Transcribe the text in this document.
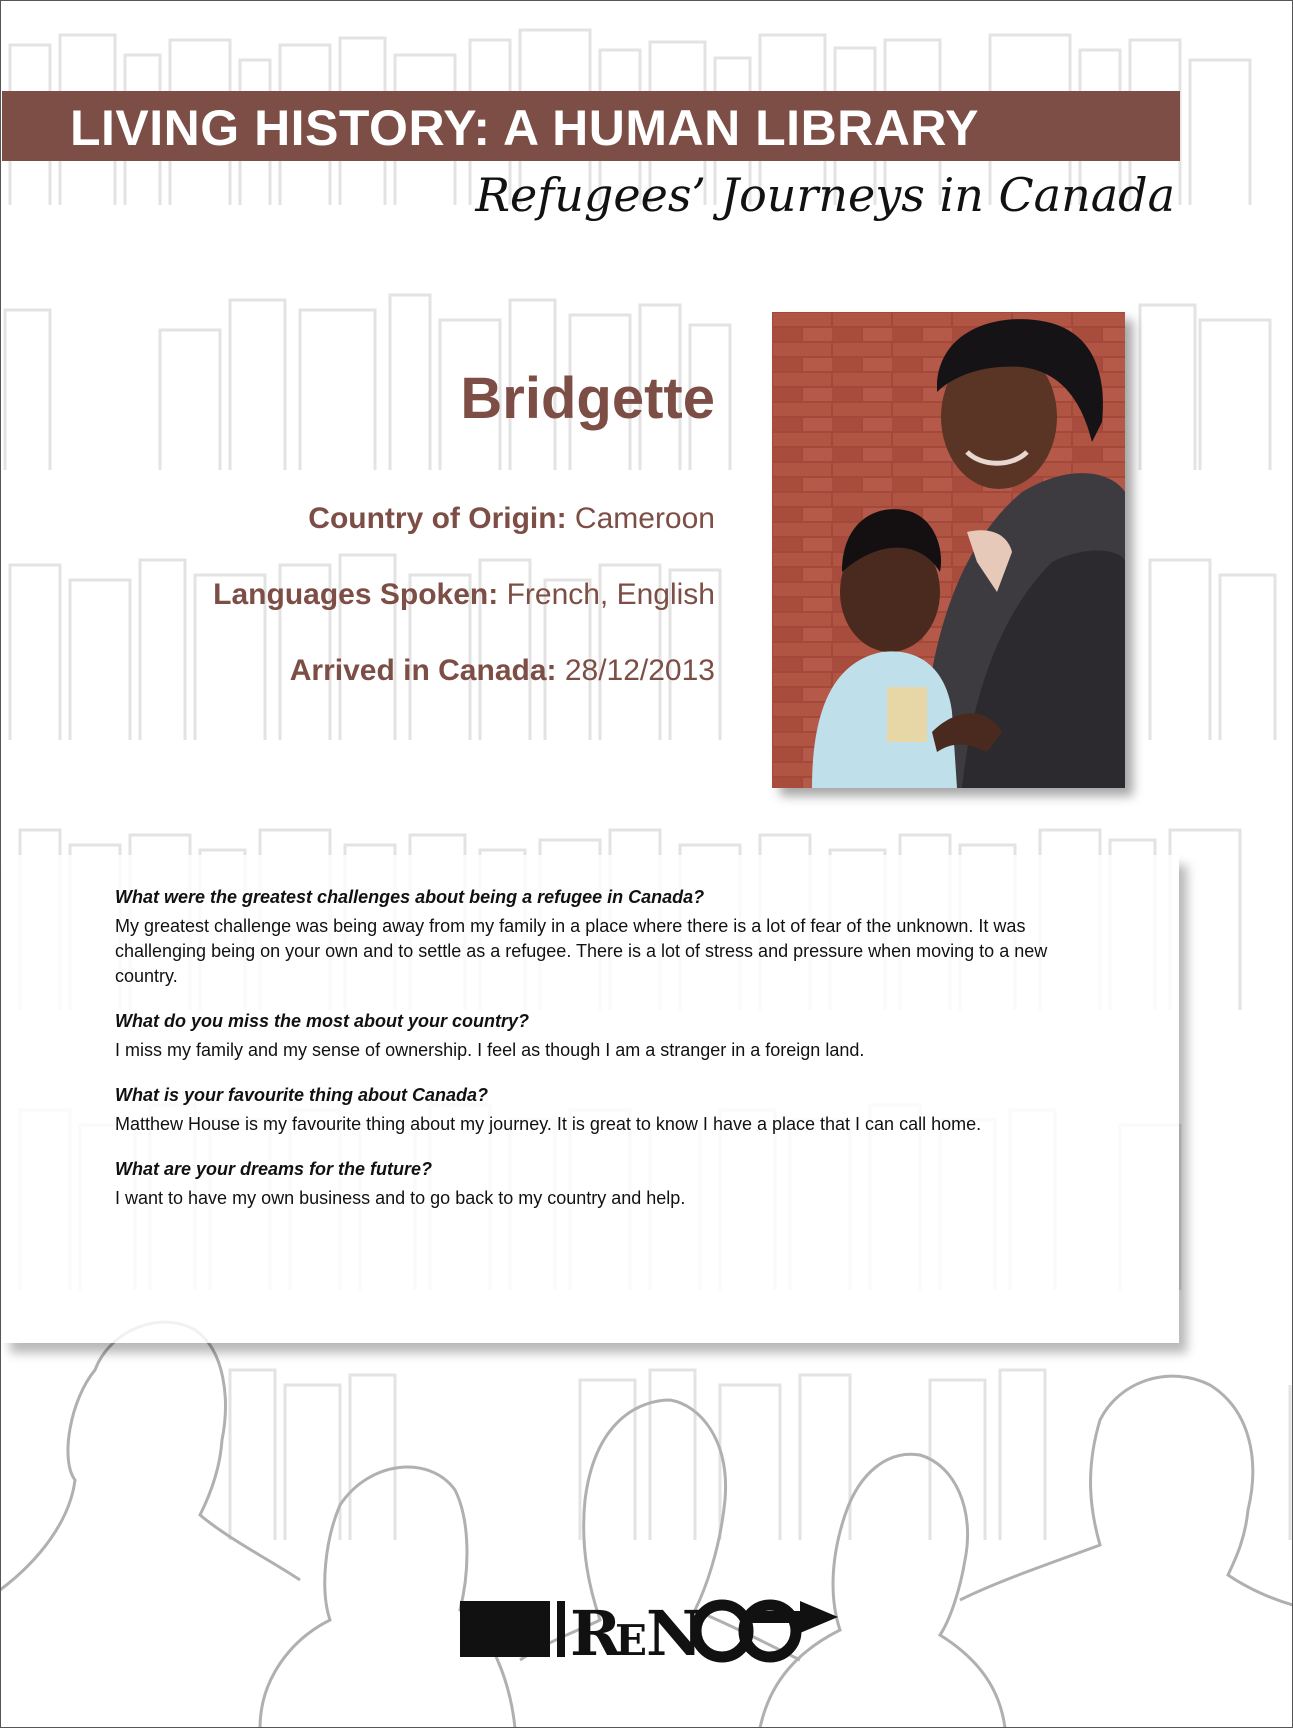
LIVING HISTORY: A HUMAN LIBRARY
Refugees’ Journeys in Canada
Bridgette
Country of Origin: Cameroon
Languages Spoken: French, English
Arrived in Canada: 28/12/2013
What were the greatest challenges about being a refugee in Canada?
My greatest challenge was being away from my family in a place where there is a lot of fear of the unknown. It was challenging being on your own and to settle as a refugee. There is a lot of stress and pressure when moving to a new country.
What do you miss the most about your country?
I miss my family and my sense of ownership. I feel as though I am a stranger in a foreign land.
What is your favourite thing about Canada?
Matthew House is my favourite thing about my journey. It is great to know I have a place that I can call home.
What are your dreams for the future?
I want to have my own business and to go back to my country and help.
R
E
N
